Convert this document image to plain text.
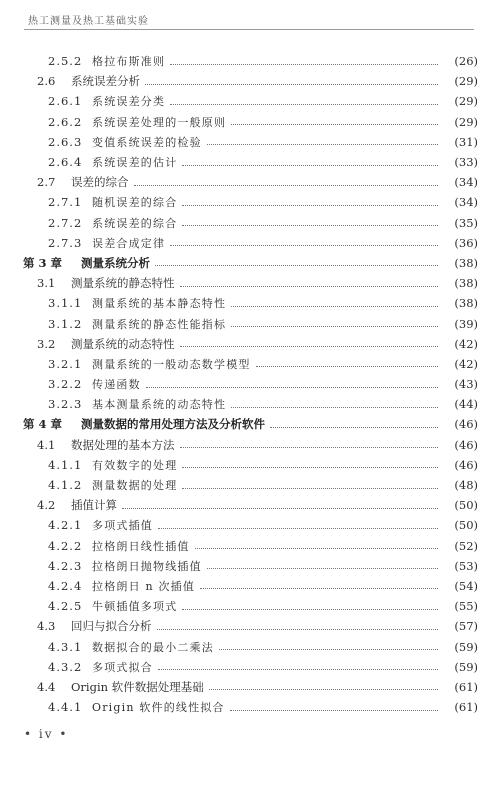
热工测量及热工基础实验
2.5.2 格拉布斯准则	(26)
2.6	系统误差分析	(29)
2.6.1 系统误差分类	(29)
2.6.2 系统误差处理的一般原则	(29)
2.6.3 变值系统误差的检验	(31)
2.6.4 系统误差的估计	(33)
2.7	误差的综合	(34)
2.7.1 随机误差的综合	(34)
2.7.2 系统误差的综合	(35)
2.7.3 误差合成定律	(36)
第 3 章	测量系统分析	(38)
3.1	测量系统的静态特性	(38)
3.1.1 测量系统的基本静态特性	(38)
3.1.2 测量系统的静态性能指标	(39)
3.2	测量系统的动态特性	(42)
3.2.1 测量系统的一般动态数学模型	(42)
3.2.2 传递函数	(43)
3.2.3 基本测量系统的动态特性	(44)
第 4 章	测量数据的常用处理方法及分析软件	(46)
4.1	数据处理的基本方法	(46)
4.1.1 有效数字的处理	(46)
4.1.2 测量数据的处理	(48)
4.2	插值计算	(50)
4.2.1 多项式插值	(50)
4.2.2 拉格朗日线性插值	(52)
4.2.3 拉格朗日抛物线插值	(53)
4.2.4 拉格朗日 n 次插值	(54)
4.2.5 牛顿插值多项式	(55)
4.3	回归与拟合分析	(57)
4.3.1 数据拟合的最小二乘法	(59)
4.3.2 多项式拟合	(59)
4.4	Origin 软件数据处理基础	(61)
4.4.1 Origin 软件的线性拟合	(61)
• iv •
